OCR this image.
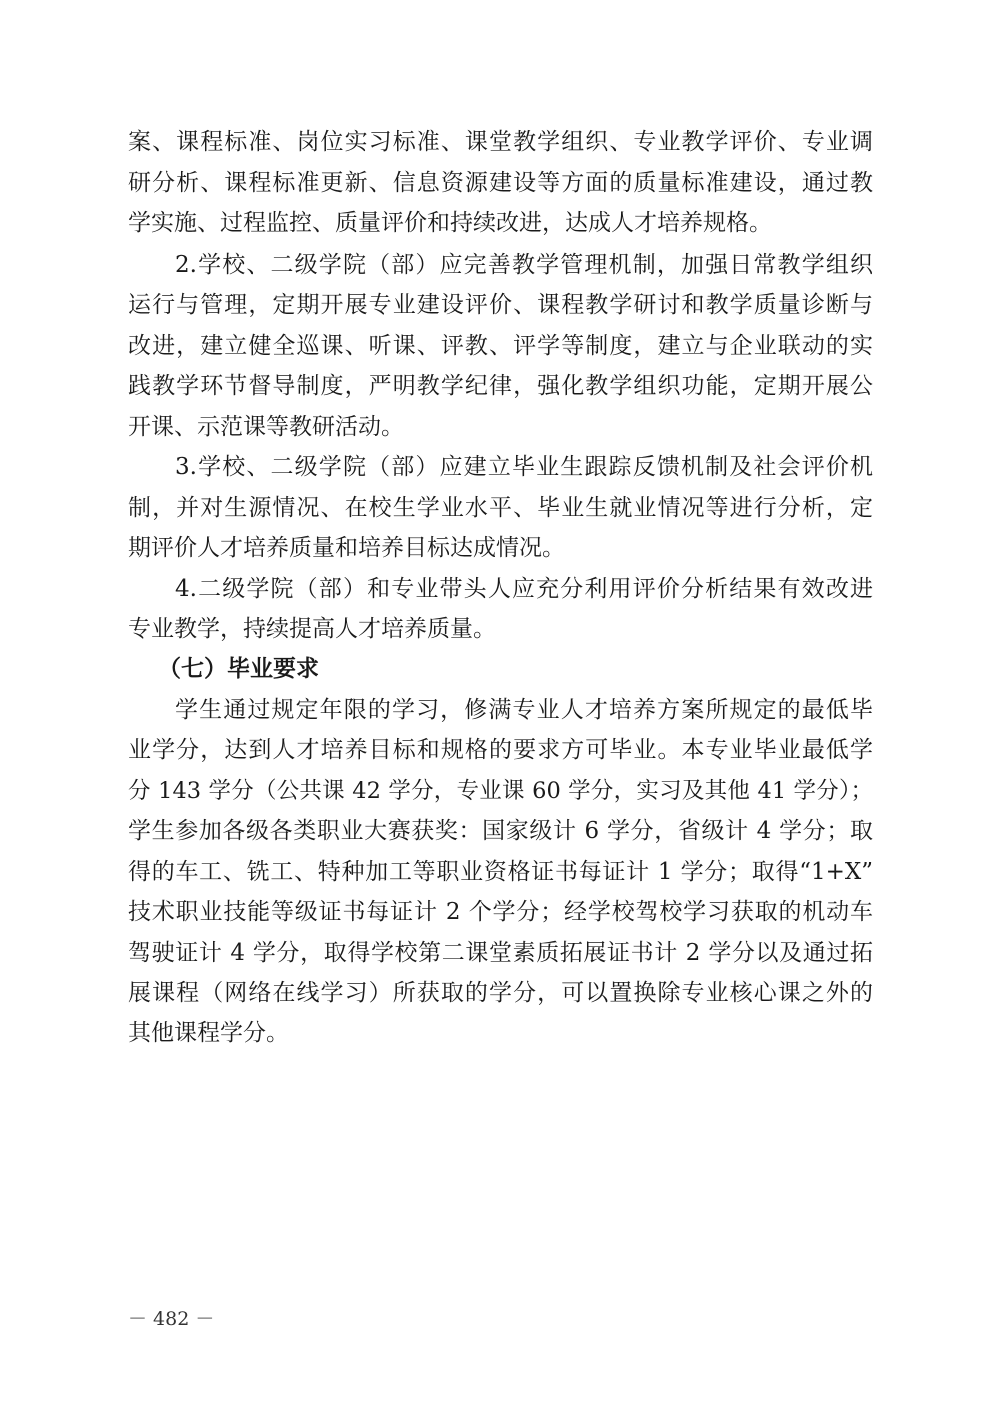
案、课程标准、岗位实习标准、课堂教学组织、专业教学评价、专业调
研分析、课程标准更新、信息资源建设等方面的质量标准建设，通过教
学实施、过程监控、质量评价和持续改进，达成人才培养规格。
2.学校、二级学院（部）应完善教学管理机制，加强日常教学组织
运行与管理，定期开展专业建设评价、课程教学研讨和教学质量诊断与
改进，建立健全巡课、听课、评教、评学等制度，建立与企业联动的实
践教学环节督导制度，严明教学纪律，强化教学组织功能，定期开展公
开课、示范课等教研活动。
3.学校、二级学院（部）应建立毕业生跟踪反馈机制及社会评价机
制，并对生源情况、在校生学业水平、毕业生就业情况等进行分析，定
期评价人才培养质量和培养目标达成情况。
4.二级学院（部）和专业带头人应充分利用评价分析结果有效改进
专业教学，持续提高人才培养质量。
（七）毕业要求
学生通过规定年限的学习，修满专业人才培养方案所规定的最低毕
业学分，达到人才培养目标和规格的要求方可毕业。本专业毕业最低学
分 143 学分（公共课 42 学分，专业课 60 学分，实习及其他 41 学分）；
学生参加各级各类职业大赛获奖：国家级计 6 学分，省级计 4 学分；取
得的车工、铣工、特种加工等职业资格证书每证计 1 学分；取得“1+X”
技术职业技能等级证书每证计 2 个学分；经学校驾校学习获取的机动车
驾驶证计 4 学分，取得学校第二课堂素质拓展证书计 2 学分以及通过拓
展课程（网络在线学习）所获取的学分，可以置换除专业核心课之外的
其他课程学分。
－ 482 －
